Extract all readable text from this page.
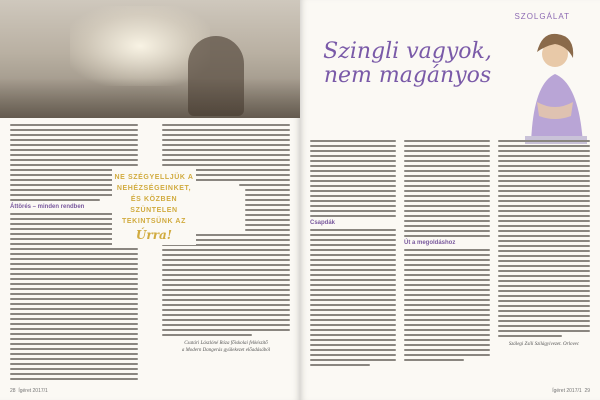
Áttörés – minden rendben
Csatári Lászlóné Róza főiskolai felkészítő
a Modern Dangerás gyülekezet előadásából
NE SZÉGYELLJÜK A NEHÉZSÉGEINKET, ÉS KÖZBEN SZÜNTELEN TEKINTSÜNK AZ
Úrra!
28 Ígéret 2017/1
SZOLGÁLAT
Szingli vagyok,
nem magányos
Csapdák
Út a megoldáshoz
Szálegi Zsíli Szilágyivezet. Orlovec
Ígéret 2017/1 29
